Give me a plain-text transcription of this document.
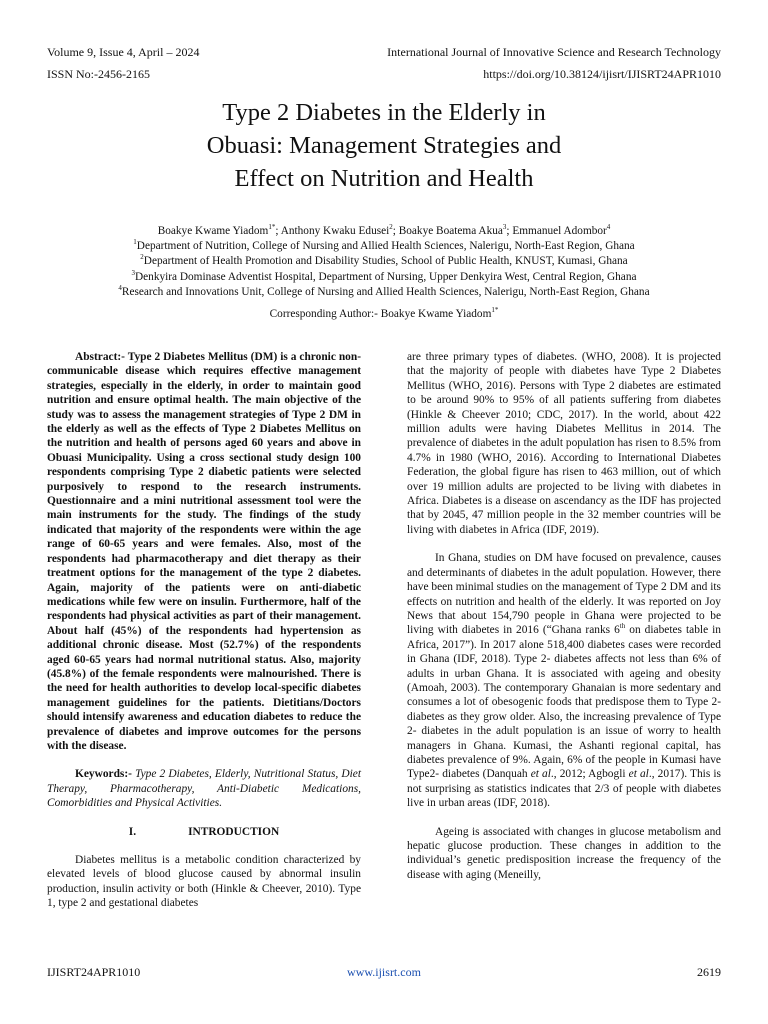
Volume 9, Issue 4, April – 2024
ISSN No:-2456-2165
International Journal of Innovative Science and Research Technology
https://doi.org/10.38124/ijisrt/IJISRT24APR1010
Type 2 Diabetes in the Elderly in
Obuasi: Management Strategies and
Effect on Nutrition and Health
Boakye Kwame Yiadom$^{1*}$; Anthony Kwaku Edusei$^2$; Boakye Boatema Akua$^3$; Emmanuel Adombor$^4$
$^1$Department of Nutrition, College of Nursing and Allied Health Sciences, Nalerigu, North-East Region, Ghana
$^2$Department of Health Promotion and Disability Studies, School of Public Health, KNUST, Kumasi, Ghana
$^3$Denkyira Dominase Adventist Hospital, Department of Nursing, Upper Denkyira West, Central Region, Ghana
$^4$Research and Innovations Unit, College of Nursing and Allied Health Sciences, Nalerigu, North-East Region, Ghana
Corresponding Author:- Boakye Kwame Yiadom$^{1*}$

Abstract:- Type 2 Diabetes Mellitus (DM) is a chronic non-communicable disease which requires effective management strategies, especially in the elderly, in order to maintain good nutrition and ensure optimal health. The main objective of the study was to assess the management strategies of Type 2 DM in the elderly as well as the effects of Type 2 Diabetes Mellitus on the nutrition and health of persons aged 60 years and above in Obuasi Municipality. Using a cross sectional study design 100 respondents comprising Type 2 diabetic patients were selected purposively to respond to the research instruments. Questionnaire and a mini nutritional assessment tool were the main instruments for the study. The findings of the study indicated that majority of the respondents were within the age range of 60-65 years and were females. Also, most of the respondents had pharmacotherapy and diet therapy as their treatment options for the management of the type 2 diabetes. Again, majority of the patients were on anti-diabetic medications while few were on insulin. Furthermore, half of the respondents had physical activities as part of their management. About half (45%) of the respondents had hypertension as additional chronic disease. Most (52.7%) of the respondents aged 60-65 years had normal nutritional status. Also, majority (45.8%) of the female respondents were malnourished. There is the need for health authorities to develop local-specific diabetes management guidelines for the patients. Dietitians/Doctors should intensify awareness and education diabetes to reduce the prevalence of diabetes and improve outcomes for the persons with the disease.

Keywords:- Type 2 Diabetes, Elderly, Nutritional Status, Diet Therapy, Pharmacotherapy, Anti-Diabetic Medications, Comorbidities and Physical Activities.

I.	INTRODUCTION

Diabetes mellitus is a metabolic condition characterized by elevated levels of blood glucose caused by abnormal insulin production, insulin activity or both (Hinkle & Cheever, 2010). Type 1, type 2 and gestational diabetes

are three primary types of diabetes. (WHO, 2008). It is projected that the majority of people with diabetes have Type 2 Diabetes Mellitus (WHO, 2016). Persons with Type 2 diabetes are estimated to be around 90% to 95% of all patients suffering from diabetes (Hinkle & Cheever 2010; CDC, 2017). In the world, about 422 million adults were having Diabetes Mellitus in 2014. The prevalence of diabetes in the adult population has risen to 8.5% from 4.7% in 1980 (WHO, 2016). According to International Diabetes Federation, the global figure has risen to 463 million, out of which over 19 million adults are projected to be living with diabetes in Africa. Diabetes is a disease on ascendancy as the IDF has projected that by 2045, 47 million people in the 32 member countries will be living with diabetes in Africa (IDF, 2019).

In Ghana, studies on DM have focused on prevalence, causes and determinants of diabetes in the adult population. However, there have been minimal studies on the management of Type 2 DM and its effects on nutrition and health of the elderly. It was reported on Joy News that about 154,790 people in Ghana were projected to be living with diabetes in 2016 (“Ghana ranks 6th on diabetes table in Africa, 2017”). In 2017 alone 518,400 diabetes cases were recorded in Ghana (IDF, 2018). Type 2- diabetes affects not less than 6% of adults in urban Ghana. It is associated with ageing and obesity (Amoah, 2003). The contemporary Ghanaian is more sedentary and consumes a lot of obesogenic foods that predispose them to Type 2- diabetes as they grow older. Also, the increasing prevalence of Type 2- diabetes in the adult population is an issue of worry to health managers in Ghana. Kumasi, the Ashanti regional capital, has diabetes prevalence of 9%. Again, 6% of the people in Kumasi have Type2- diabetes (Danquah et al., 2012; Agbogli et al., 2017). This is not surprising as statistics indicates that 2/3 of people with diabetes live in urban areas (IDF, 2018).

Ageing is associated with changes in glucose metabolism and hepatic glucose production. These changes in addition to the individual’s genetic predisposition increase the frequency of the disease with aging (Meneilly,

IJISRT24APR1010	www.ijisrt.com	2619
